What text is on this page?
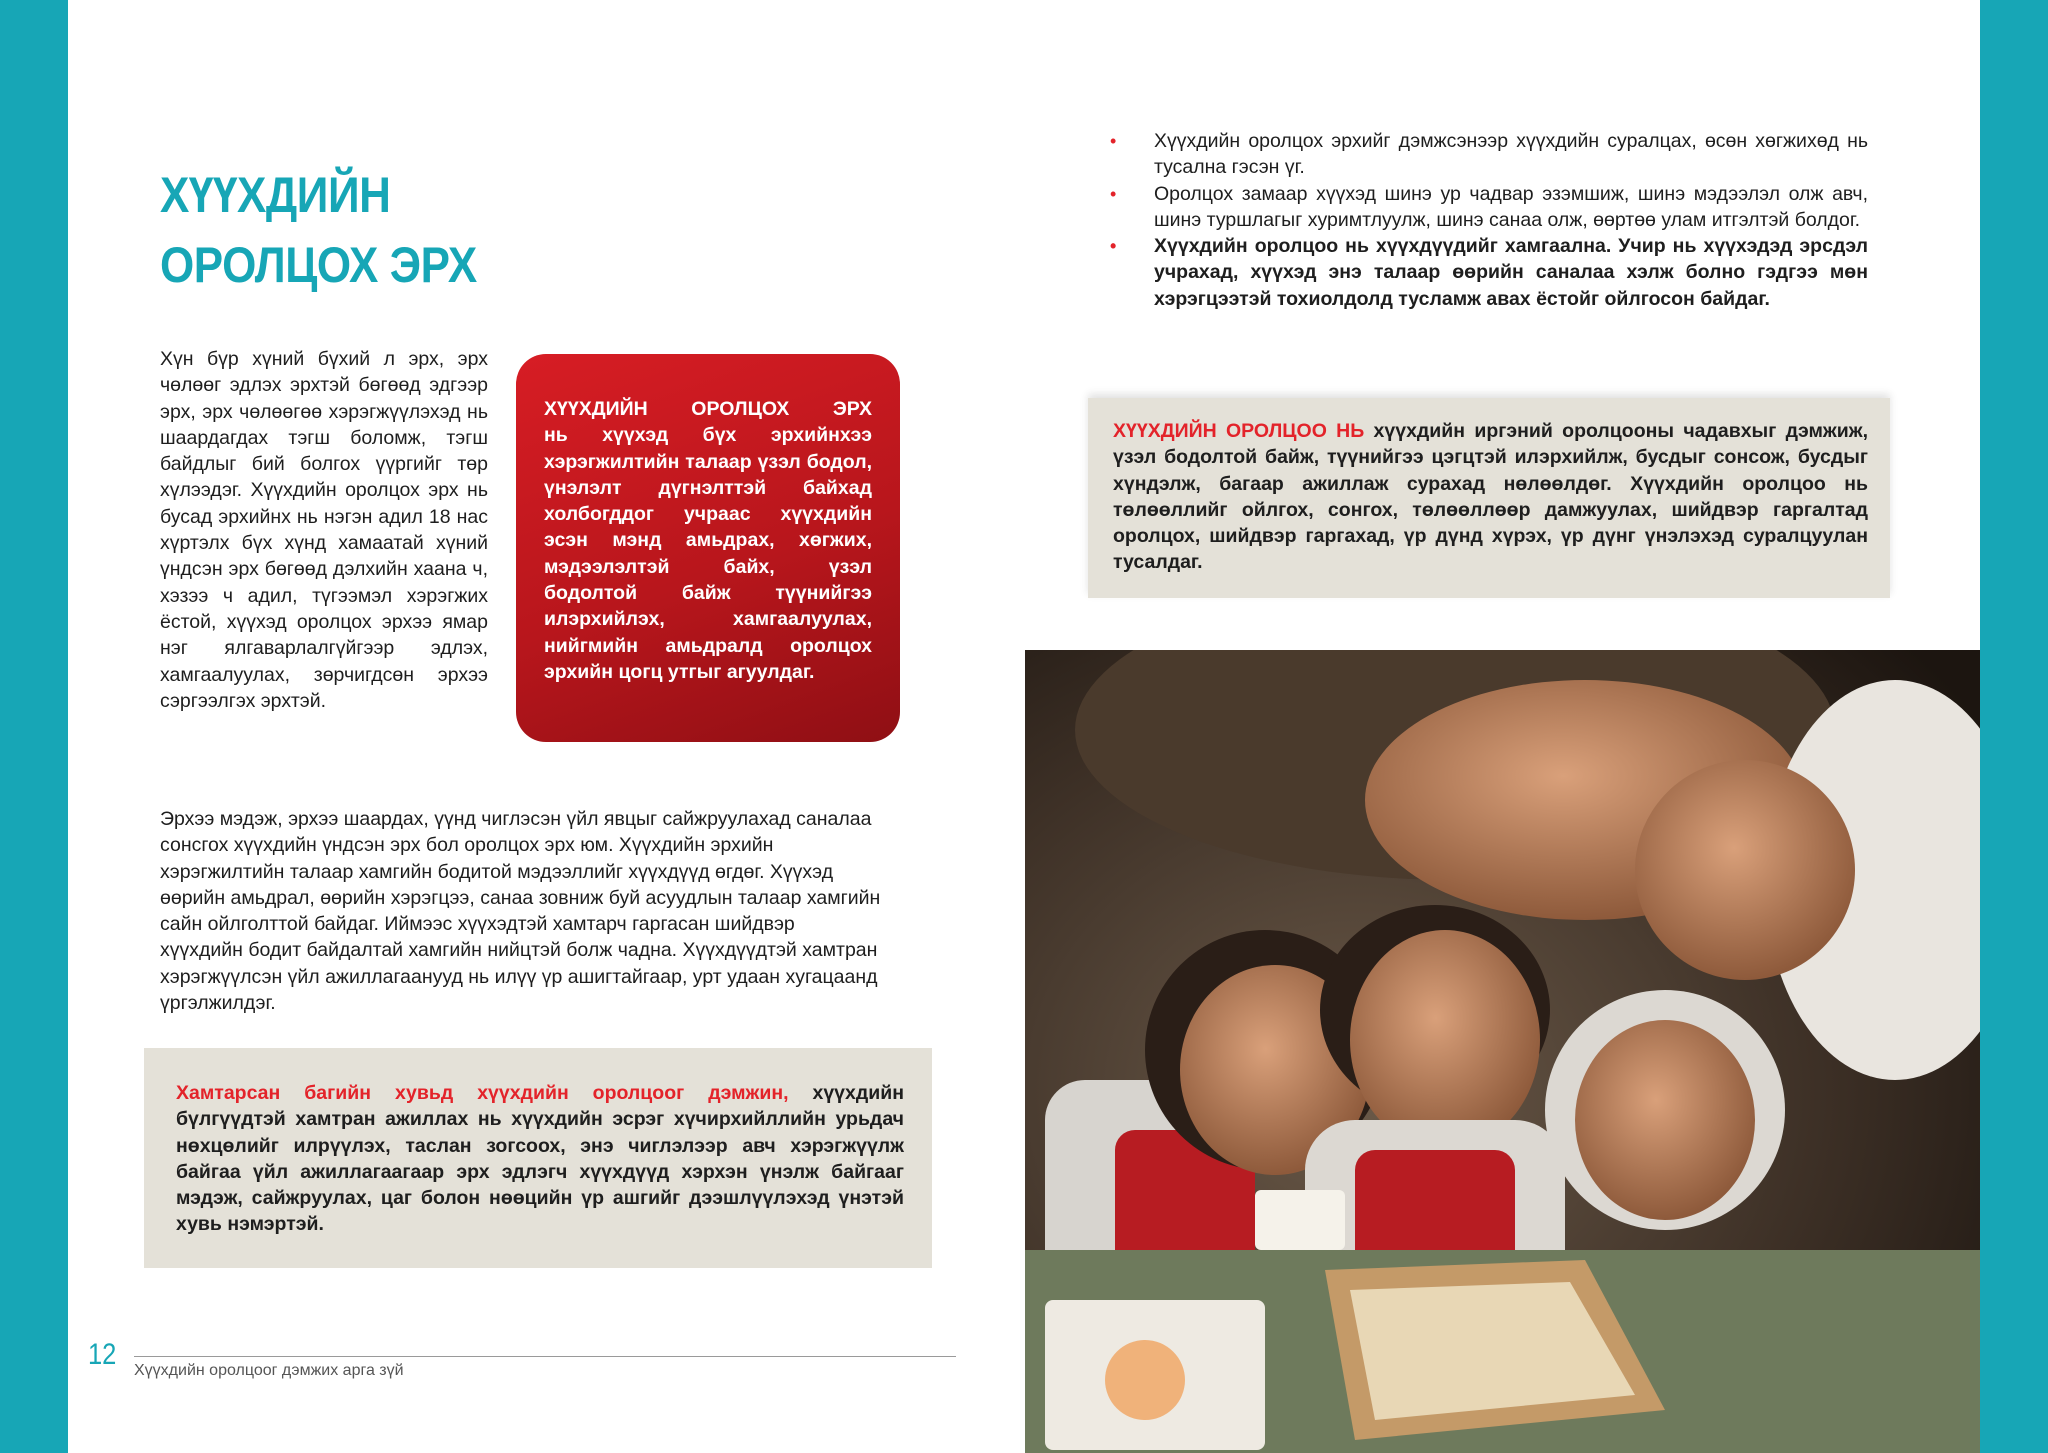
ХҮҮХДИЙН
ОРОЛЦОХ ЭРХ

Хүн бүр хүний бүхий л эрх, эрх чөлөөг эдлэх эрхтэй бөгөөд эдгээр эрх, эрх чөлөөгөө хэрэгжүүлэхэд нь шаардагдах тэгш боломж, тэгш байдлыг бий болгох үүргийг төр хүлээдэг. Хүүхдийн оролцох эрх нь бусад эрхийнх нь нэгэн адил 18 нас хүртэлх бүх хүнд хамаатай хүний үндсэн эрх бөгөөд дэлхийн хаана ч, хэзээ ч адил, түгээмэл хэрэгжих ёстой, хүүхэд оролцох эрхээ ямар нэг ялгаварлалгүйгээр эдлэх, хамгаалуулах, зөрчигдсөн эрхээ сэргээлгэх эрхтэй.

ХҮҮХДИЙН ОРОЛЦОХ ЭРХ
нь хүүхэд бүх эрхийнхээ хэрэгжилтийн талаар үзэл бодол, үнэлэлт дүгнэлттэй байхад холбогддог учраас хүүхдийн эсэн мэнд амьдрах, хөгжих, мэдээлэлтэй байх, үзэл бодолтой байж түүнийгээ илэрхийлэх, хамгаалуулах, нийгмийн амьдралд оролцох эрхийн цогц утгыг агуулдаг.

Эрхээ мэдэж, эрхээ шаардах, үүнд чиглэсэн үйл явцыг сайжруулахад саналаа сонсгох хүүхдийн үндсэн эрх бол оролцох эрх юм. Хүүхдийн эрхийн хэрэгжилтийн талаар хамгийн бодитой мэдээллийг хүүхдүүд өгдөг. Хүүхэд өөрийн амьдрал, өөрийн хэрэгцээ, санаа зовниж буй асуудлын талаар хамгийн сайн ойлголттой байдаг. Иймээс хүүхэдтэй хамтарч гаргасан шийдвэр хүүхдийн бодит байдалтай хамгийн нийцтэй болж чадна. Хүүхдүүдтэй хамтран хэрэгжүүлсэн үйл ажиллагаанууд нь илүү үр ашигтайгаар, урт удаан хугацаанд үргэлжилдэг.

Хамтарсан багийн хувьд хүүхдийн оролцоог дэмжин, хүүхдийн бүлгүүдтэй хамтран ажиллах нь хүүхдийн эсрэг хүчирхийллийн урьдач нөхцөлийг илрүүлэх, таслан зогсоох, энэ чиглэлээр авч хэрэгжүүлж байгаа үйл ажиллагаагаар эрх эдлэгч хүүхдүүд хэрхэн үнэлж байгааг мэдэж, сайжруулах, цаг болон нөөцийн үр ашгийг дээшлүүлэхэд үнэтэй хувь нэмэртэй.
• Хүүхдийн оролцох эрхийг дэмжсэнээр хүүхдийн суралцах, өсөн хөгжихөд нь тусална гэсэн үг.
• Оролцох замаар хүүхэд шинэ ур чадвар эзэмшиж, шинэ мэдээлэл олж авч, шинэ туршлагыг хуримтлуулж, шинэ санаа олж, өөртөө улам итгэлтэй болдог.
• Хүүхдийн оролцоо нь хүүхдүүдийг хамгаална. Учир нь хүүхэдэд эрсдэл учрахад, хүүхэд энэ талаар өөрийн саналаа хэлж болно гэдгээ мөн хэрэгцээтэй тохиолдолд тусламж авах ёстойг ойлгосон байдаг.
ХҮҮХДИЙН ОРОЛЦОО НЬ хүүхдийн иргэний оролцооны чадавхыг дэмжиж, үзэл бодолтой байж, түүнийгээ цэгцтэй илэрхийлж, бусдыг сонсож, бусдыг хүндэлж, багаар ажиллаж сурахад нөлөөлдөг. Хүүхдийн оролцоо нь төлөөллийг ойлгох, сонгох, төлөөллөөр дамжуулах, шийдвэр гаргалтад оролцох, шийдвэр гаргахад, үр дүнд хүрэх, үр дүнг үнэлэхэд суралцуулан тусалдаг.
12 Хүүхдийн оролцоог дэмжих арга зүй
